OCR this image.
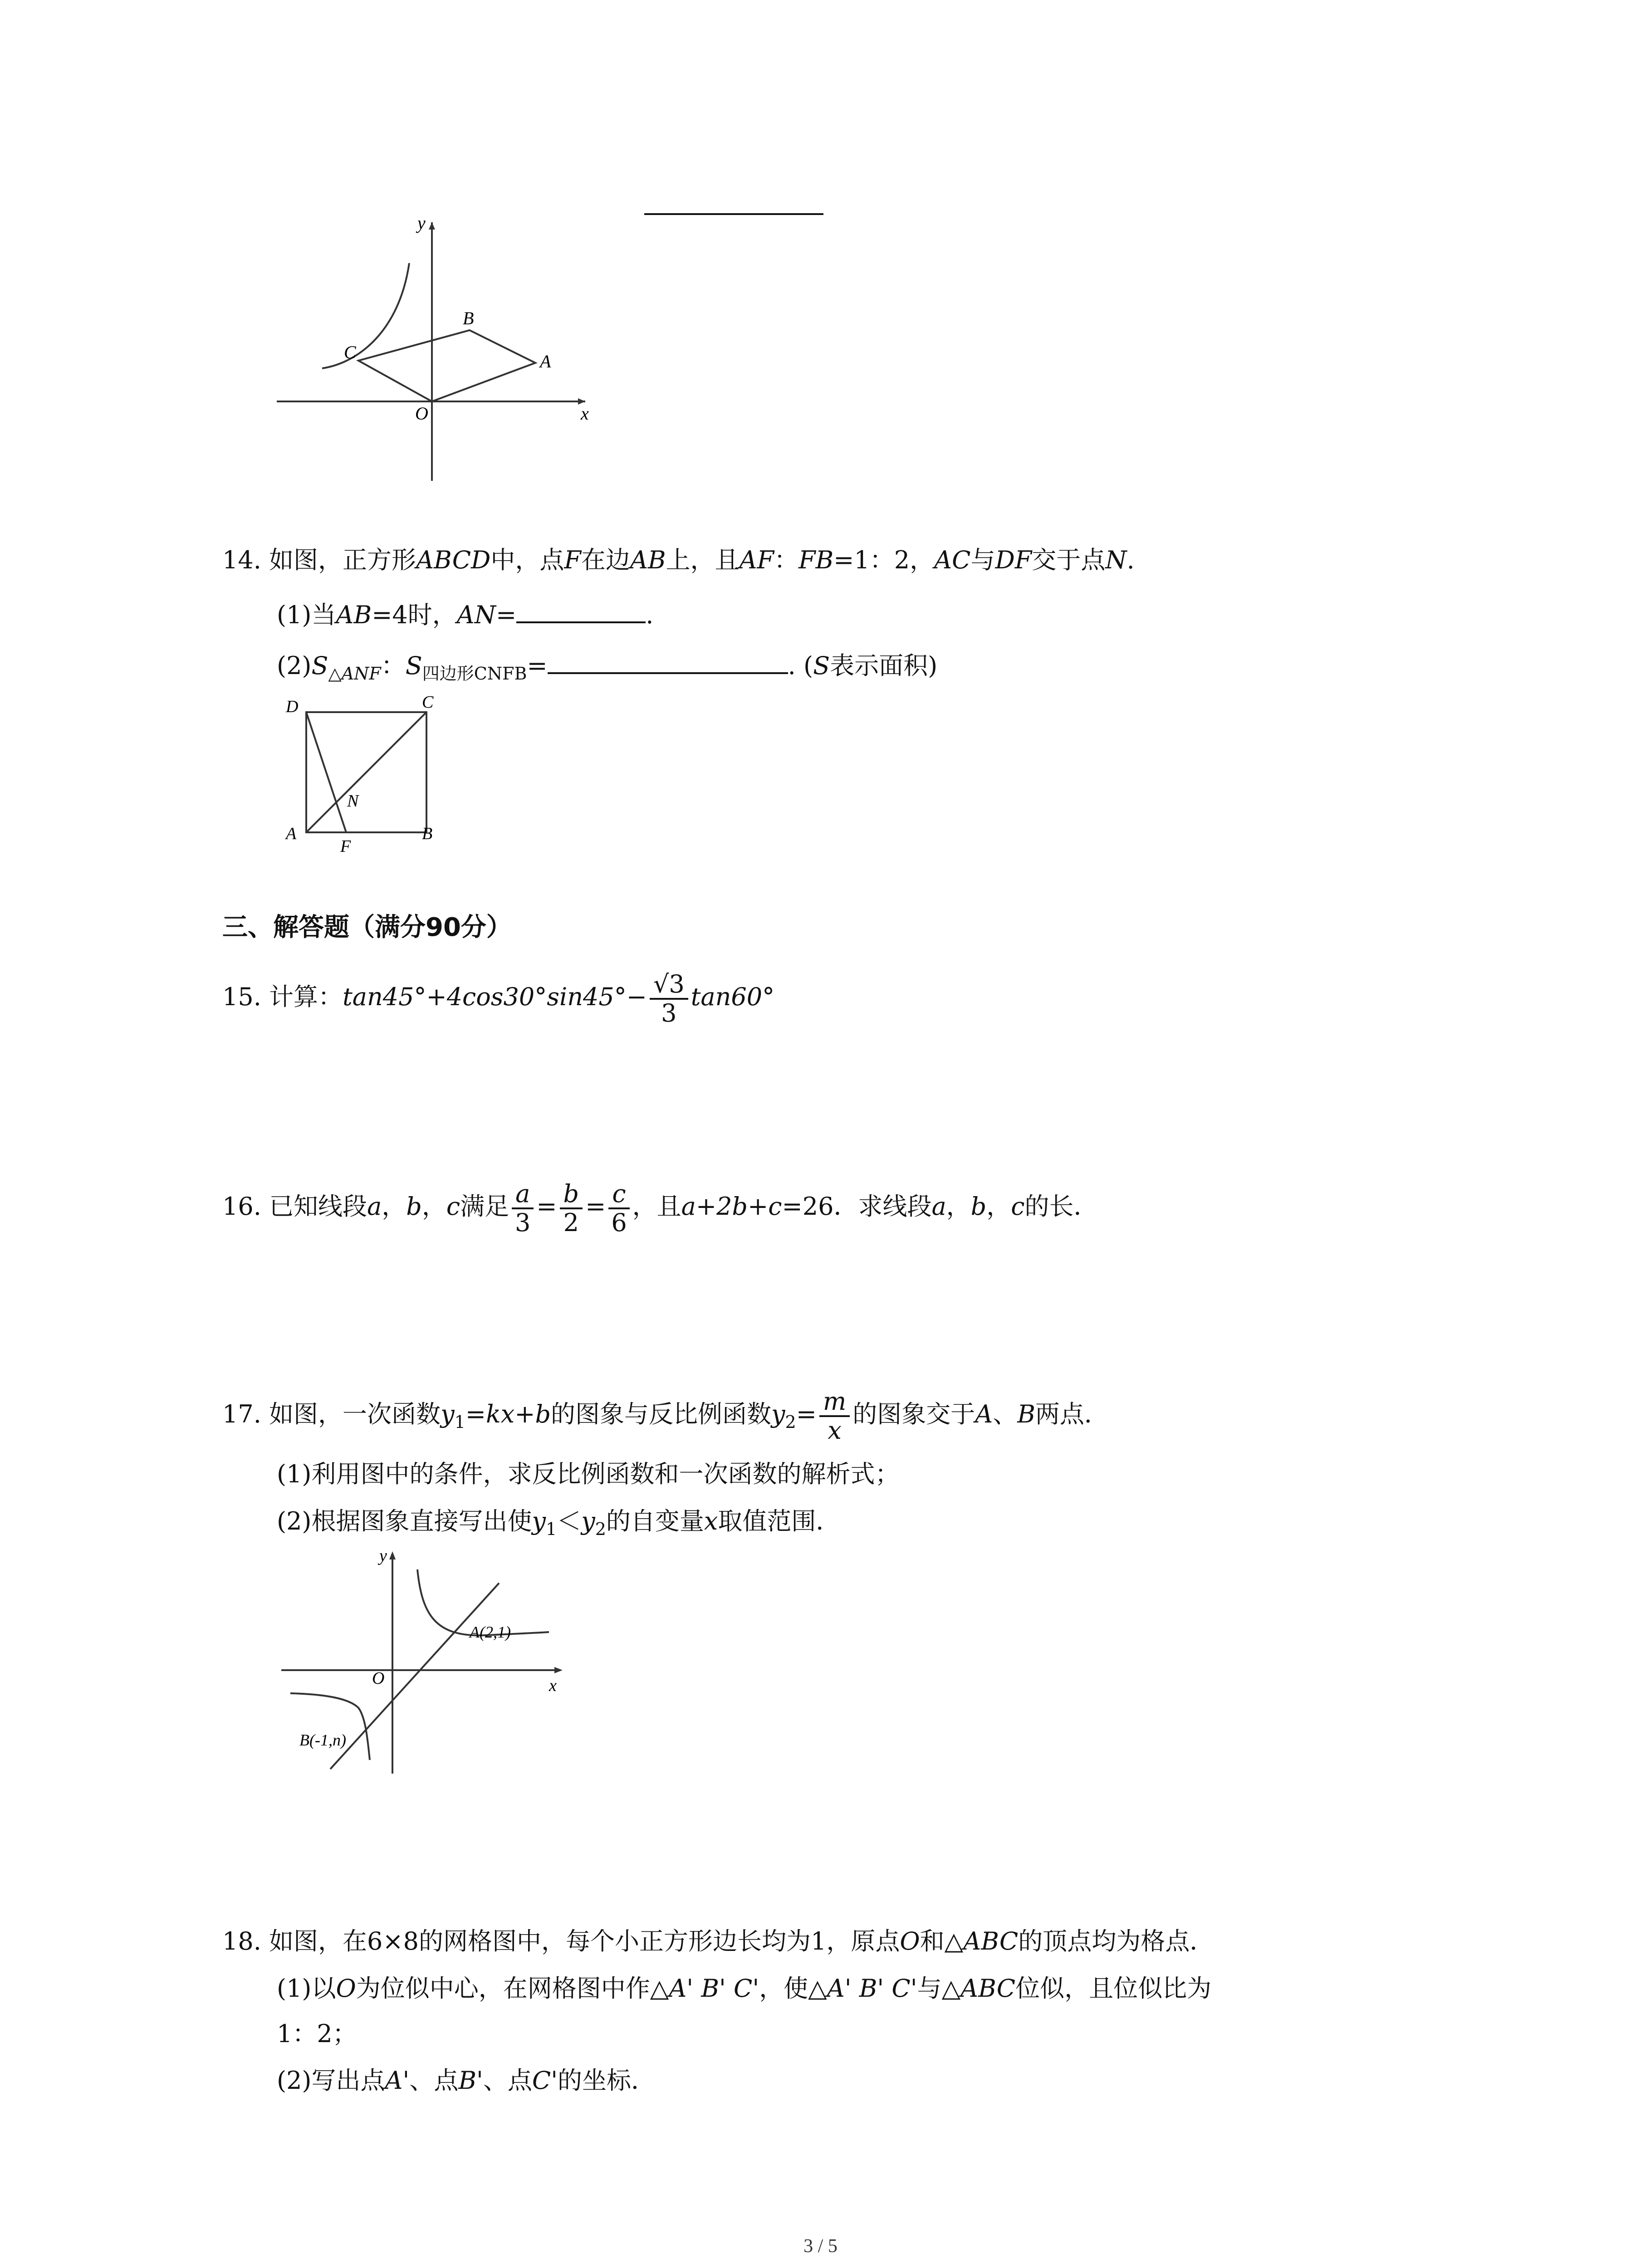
y
x
B
C	A
O
14. 如图，正方形ABCD中，点F在边AB上，且AF：FB=1：2，AC与DF交于点N.
(1)当AB=4时，AN=	.
$(2)S_{\triangle ANF}$：$S_{四边形CNFB}=$	. (S表示面积)
D	C
N
A
F
B
三、解答题（满分90分）
15. 计算：$\tan 45^\circ+4\cos 30^\circ\sin 45^\circ- \frac{√3}{3} \tan 60^\circ$
16. 已知线段a，b，c满足 $\frac{a}{3} = \frac{b}{2} = \frac{c}{6}$ ，且a+2b+c=26．求线段a，b，c的长．
17. 如图，一次函数$y_1=kx+b$的图象与反比例函数$y_2= \frac{m}{x}$ 的图象交于A、B两点．
(1)利用图中的条件，求反比例函数和一次函数的解析式；
(2)根据图象直接写出使$y_1<y_2$的自变量x取值范围．
y
x
O
A(2,1)
B(-1,n)
18. 如图，在6×8的网格图中，每个小正方形边长均为1，原点O和△ABC的顶点均为格点．
(1)以O为位似中心，在网格图中作△A' B' C'，使△A' B' C'与△ABC位似，且位似比为
1：2；
(2)写出点A'、点B'、点C'的坐标．
3 / 5
